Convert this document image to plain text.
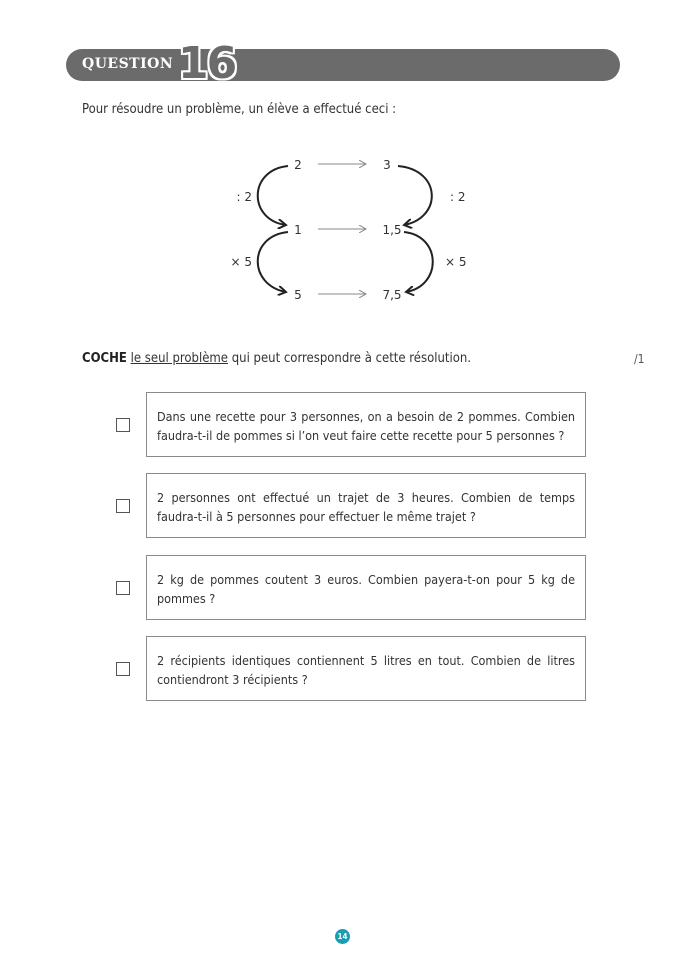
QUESTION 16
Pour résoudre un problème, un élève a effectué ceci :
2	3
1	1,5
5	7,5
: 2
× 5
: 2
× 5
COCHE le seul problème qui peut correspondre à cette résolution.	/1
Dans une recette pour 3 personnes, on a besoin de 2 pommes. Combien faudra-t-il de pommes si l’on veut faire cette recette pour 5 personnes ?
2 personnes ont effectué un trajet de 3 heures. Combien de temps faudra-t-il à 5 personnes pour effectuer le même trajet ?
2 kg de pommes coutent 3 euros. Combien payera-t-on pour 5 kg de pommes ?
2 récipients identiques contiennent 5 litres en tout. Combien de litres contiendront 3 récipients ?
14
